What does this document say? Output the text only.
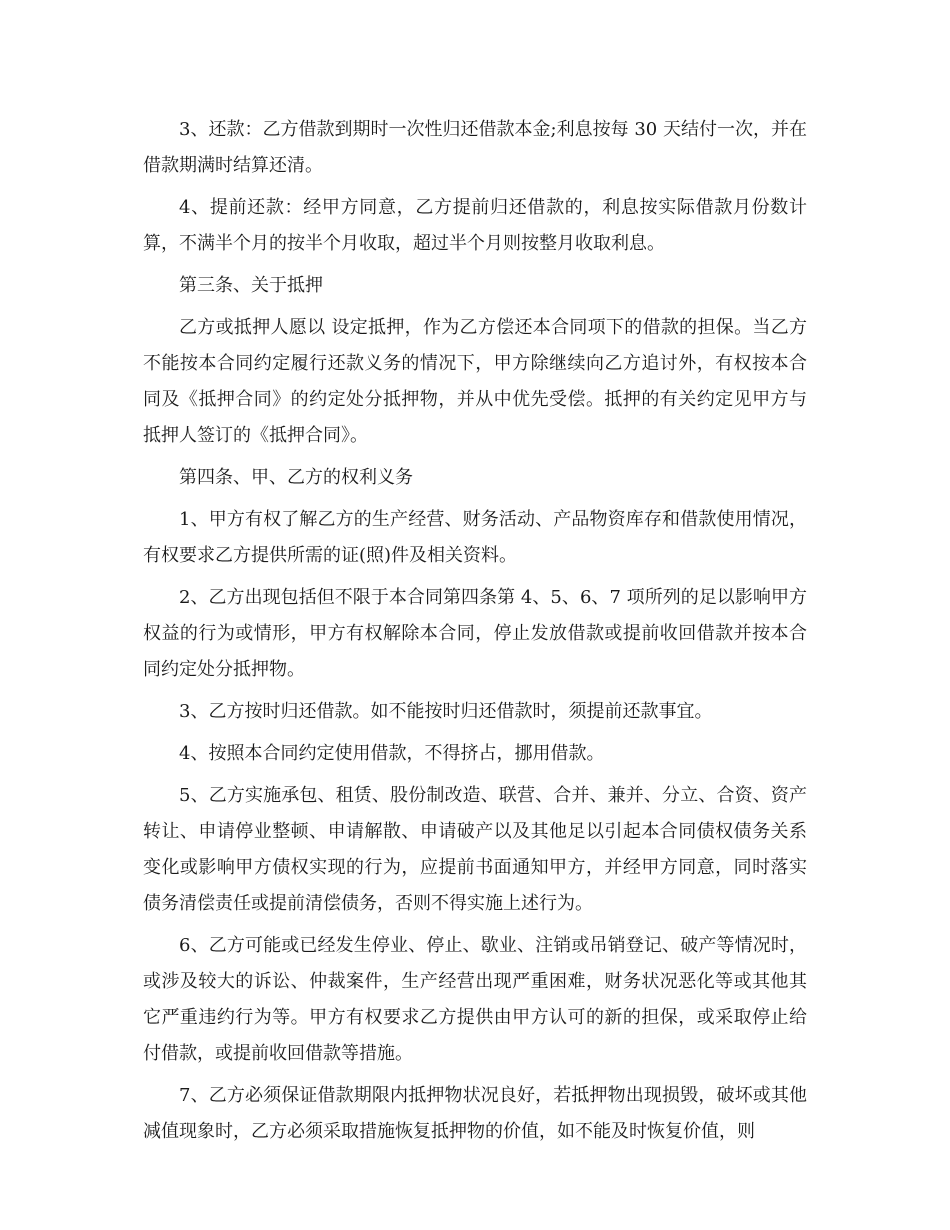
3、还款：乙方借款到期时一次性归还借款本金;利息按每 30 天结付一次，并在借款期满时结算还清。

4、提前还款：经甲方同意，乙方提前归还借款的，利息按实际借款月份数计算，不满半个月的按半个月收取，超过半个月则按整月收取利息。

第三条、关于抵押

乙方或抵押人愿以 设定抵押，作为乙方偿还本合同项下的借款的担保。当乙方不能按本合同约定履行还款义务的情况下，甲方除继续向乙方追讨外，有权按本合同及《抵押合同》的约定处分抵押物，并从中优先受偿。抵押的有关约定见甲方与抵押人签订的《抵押合同》。

第四条、甲、乙方的权利义务

1、甲方有权了解乙方的生产经营、财务活动、产品物资库存和借款使用情况，有权要求乙方提供所需的证(照)件及相关资料。

2、乙方出现包括但不限于本合同第四条第 4、5、6、7 项所列的足以影响甲方权益的行为或情形，甲方有权解除本合同，停止发放借款或提前收回借款并按本合同约定处分抵押物。

3、乙方按时归还借款。如不能按时归还借款时，须提前还款事宜。

4、按照本合同约定使用借款，不得挤占，挪用借款。

5、乙方实施承包、租赁、股份制改造、联营、合并、兼并、分立、合资、资产转让、申请停业整顿、申请解散、申请破产以及其他足以引起本合同债权债务关系变化或影响甲方债权实现的行为，应提前书面通知甲方，并经甲方同意，同时落实债务清偿责任或提前清偿债务，否则不得实施上述行为。

6、乙方可能或已经发生停业、停止、歇业、注销或吊销登记、破产等情况时，或涉及较大的诉讼、仲裁案件，生产经营出现严重困难，财务状况恶化等或其他其它严重违约行为等。甲方有权要求乙方提供由甲方认可的新的担保，或采取停止给付借款，或提前收回借款等措施。

7、乙方必须保证借款期限内抵押物状况良好，若抵押物出现损毁，破坏或其他减值现象时，乙方必须采取措施恢复抵押物的价值，如不能及时恢复价值，则
